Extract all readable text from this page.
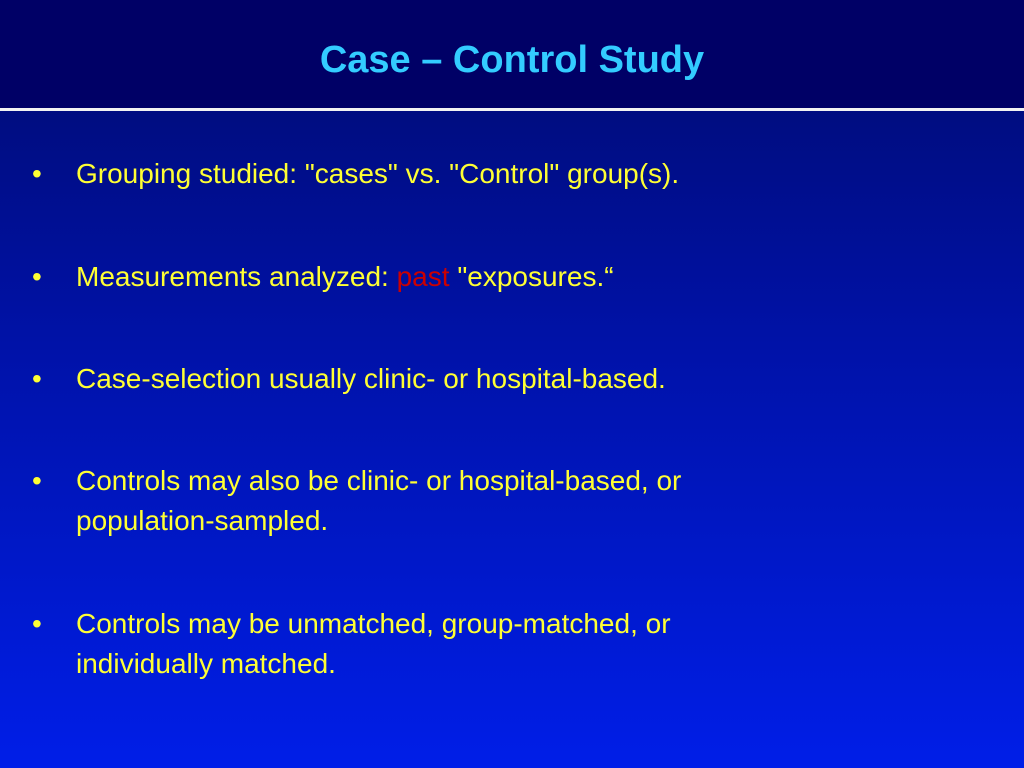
Case – Control Study
•	Grouping studied: "cases" vs. "Control" group(s).
•	Measurements analyzed: past "exposures.“
•	Case-selection usually clinic- or hospital-based.
•	Controls may also be clinic- or hospital-based, or
population-sampled.
•	Controls may be unmatched, group-matched, or
individually matched.
